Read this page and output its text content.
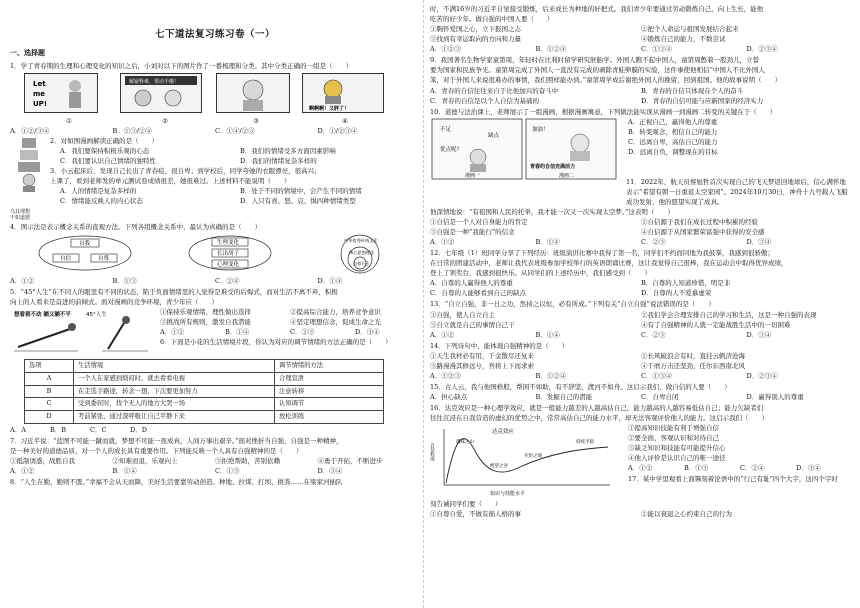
七下道法复习练习卷（一）
一、选择题

1．学了青春期的生理和心理变化的知识之后，小刘对以下的图片作了一番梳理和分类。其中分类正确的一组是（　　）

Let
me
UP!
①
解疑释难，要动手哦！
②	③
啊啊啊！又胖了！
④
A．①②/③④	B．①③/②④	C．①④/②③	D．①/②③④
乌其理想
不如道德

2．对如图漫画解读正确的是（　　）

A．我们要保持积极乐观的心态	B．我们的情绪受多方面因素影响
C．我们要认识自己情绪的独特性	D．我们的情绪复杂多样的

3．小云起床后，发现自己长出了青春痘，很自卑；到学校后，同学夸她的衣服漂亮，很高兴；

上课了，看到老师发的单元测试卷成绩很差，她很难过。上述材料不能说明（　　）

A．人的情绪是复杂多样的	B．处于不同的情境中，会产生不同的情绪
C．情绪能反映人的内心状态	D．人只有喜、怒、哀、惧四种情绪类型

4．图示法是表示概念关系的直观方法。下列各组概念关系中，最认为真确的是（　　）

自我
自信	自尊
生理变化
长出胡子
心理变化
中华优秀传统文化
核心思想理念
自强不息
A．①②	B．①③	C．②④	D．①④

5．“45°人生”在不同人的眼里有不同的状态，陷于负面情绪里的人觉得是难受的后悔式，而对生活不离不弃，积极

向上的人看来是奋进的前倾式。面对漫画的竞争环境，青少年应（　　）

想看看不动 躺又躺不平	45°人生	①保持乐观情绪，理性做出选择	②提高综合能力，培养竞争意识
③挑战所有规则，激发自我潜能	④坚定理想信念，促成生命之光
A．①②	B．①④	C．②③	D．③④

6．下面是小花的生活情境片段，你认为对应的调节情绪的方法正确的是（　　）

选项	生活情境	调节情绪的方法
A	一个人在家感到烦闷时，就去看看电视	合理宣泄
B	在走选手路途，转念一想，下次要更加努力	注意转移
C	受到委屈时，找个无人的地方大哭一场	认知调节
D	考前紧张，通过深呼吸让自己平静下来	放松训练
A．A	B．B	C．C	D．D

7．习近平说：“蓝图不可能一蹴而就，梦想不可能一夜成真，人间万事出艰辛。”面对挫折当自强，自强是一种精神，

是一种美好的道德品质，对一个人的成长具有重要作用。下列能反映一个人具有自强精神的是（　　）

①抵制诱惑，战胜自我	②知难而退，乐观向上	③拒绝帮助，苦别依赖	④勇于开拓，不断进步
A．①②	B．①④	C．①③	D．③④

8．“人生在勤，勤则不匮。”幸福不会从天而降，美好生活要靠劳动创造。种地、拉煤、打坝、挑粪……在梁家河插队

时，不满16岁的习近平自觉接受锻炼，后来成长为种地的好把式。我们青少年要通过劳动锻炼自己，向上生长，能他

吃苦的好少年。做自强的中国人要（　　）

①胸怀爱国之心，立下报国之志	②把个人命运与祖国发展结合起来
③找到有幸运取向的方向和力量	④锻炼自己的能力，不数尝试
A．①②③	B．①②④	C．①③④	D．②③④

9．我国著名生物学家童第周，年轻时在比利时留学研究胚胎学。外国人瞧不起中国人，童第周憋着一股劲儿，立誓

要为国家和民族争光。童第周完成了外国人一直没有完成的剥除青蛙卵膜的实验，这件事使他相信“中国人不比外国人

笨，对于外国人来说很难办的事情，我们照样能办到。”童第周学成后谢绝外国人的挽留，回到祖国。他的故事说明（　　）

A．青春的自信往往来自于比他加兴的奋斗中	B．青春的自信只体现在个人的奋斗
C．青春的自信是以个人自信为基础的	D．青春的自信可能与应新国家的经济实力

10．道德与法治课上，老师展示了一组漫画，根据漫画寓意，下列做法能实现从漫画一到漫画二转变的关键在于（　　）

不足
缺点
优点呢？
漫画一
加油！
青春的自信充满活力
漫画二
A．正视自己，赢得他人的尊重
B．转变观念，相信自己的能力
C．远离自卑，高估自己的能力
D．远离自负，调整现在的目标

11．2022年，航天员蔡旭哲首次实现自己的飞天梦返回地球后，信心满怀地表示“希望有朝一日重返太空家园”。2024年10月30日，神舟十九号载人飞船成功发射，他的愿望实现了成真。

他深情地说：“有祖国和人民的托举，我才能一次又一次实现太空梦。”这表明（　　）

①自信是一个人对自身能力的肯定	②自信源于我们在成长过程中积累的经验
③自强是一种“我能行”的信念	④自信源于从国家繁荣富强中获得的安全感
A．①②	B．①④	C．②③	D．③④

12．七年级（1）班同学分享了下列经历：班级演讲比赛中我得了第一名，同学们不约而同地为我鼓掌，我感到很骄傲；

在日常的团建活动中，老师让我代表班级参加学校举行的英语朗诵比赛，这让我觉得自己很棒，我在运动会中取得优异成绩，

登上了领奖台，我感到很快乐。从同学们的上述经历中，我们感受到（　　）

A．自尊的人赢得他人的尊重	B．自尊的人知道珍惜、明是非
C．自尊的人能够看到自己的缺点	D．自尊的人不爱慕虚荣

13．“自立自强，非一日之功，然持之以恒，必有所成。”下列有关“自立自强”说法错误的是（　　）

①自强，使人自立自主	②我们学会合理安排自己的学习和生活，这是一种自强的表现
③自立就是自己的事情自己干	④有了自强精神的人就一定能战胜生活中的一切困难
A．①②	B．①④	C．②③	D．③④

14．下列诗句中，能体现自强精神的是（　　）

①天生我材必有用，千金散尽还复来	②长风破浪会有时，直挂云帆济沧海
③路漫漫其修远兮，吾将上下而求索	④千磨万击还坚劲，任尔东西南北风
A．①②③	B．①②④	C．①③④	D．②③④

15．古人云，我与他国格般，帮困不如助，有不辞坚，渡河不如舟。这启示我们，做自信的人要（　　）

A．担心缺点	B．发掘自己的潜能	C．自卑自闭	D．赢得别人的尊重

16．达克效应是一种心理学效应，就是一般能力越差的人越高估自己，能力越高的人越容易低估自己；能力欠缺者们

往往沉浸在自我营造的虚幻的优势之中，常常高估自己的能力水平，却无法客观评价他人的能力。这启示我们（　　）

达克效应
自信程度
愚昧之山
绝望之谷
开悟之坡
持续平稳
知识与技能水平
①提高知识技能有利于增强自信
②要全面、客观认识和对待自己
③缺乏知识和技能有可能提升信心
④他人评价是认识自己的唯一途径
A．①②	B．①③	C．②④	D．③④

17．某中学里观看上面镌刻着论语中的“行己有耻”四个大字，这四个字时

刻告诫同学们要（　　）

①自尊自爱，不做有损人格的事	②能以衰退之心约束自己的行为
